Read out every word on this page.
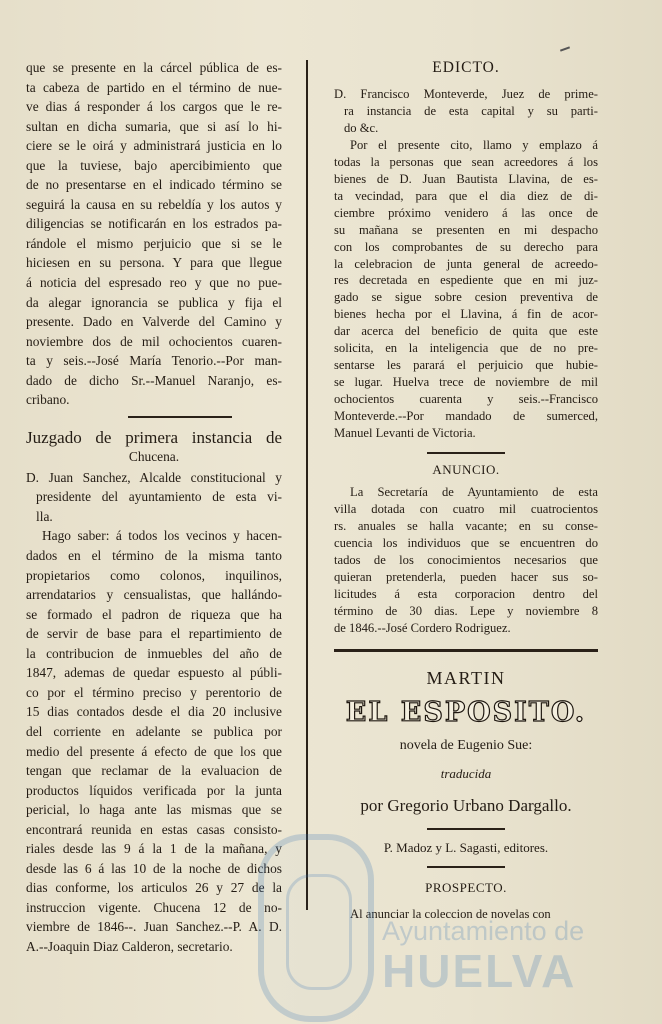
que se presente en la cárcel pública de es-
ta cabeza de partido en el término de nue-
ve dias á responder á los cargos que le re-
sultan en dicha sumaria, que si así lo hi-
ciere se le oirá y administrará justicia en lo
que la tuviese, bajo apercibimiento que
de no presentarse en el indicado término se
seguirá la causa en su rebeldía y los autos y
diligencias se notificarán en los estrados pa-
rándole el mismo perjuicio que si se le
hiciesen en su persona. Y para que llegue
á noticia del espresado reo y que no pue-
da alegar ignorancia se publica y fija el
presente. Dado en Valverde del Camino y
noviembre dos de mil ochocientos cuaren-
ta y seis.--José María Tenorio.--Por man-
dado de dicho Sr.--Manuel Naranjo, es-
cribano.
Juzgado de primera instancia de
Chucena.
D. Juan Sanchez, Alcalde constitucional y
presidente del ayuntamiento de esta vi-
lla.
Hago saber: á todos los vecinos y hacen-
dados en el término de la misma tanto
propietarios como colonos, inquilinos,
arrendatarios y censualistas, que hallándo-
se formado el padron de riqueza que ha
de servir de base para el repartimiento de
la contribucion de inmuebles del año de
1847, ademas de quedar espuesto al públi-
co por el término preciso y perentorio de
15 dias contados desde el dia 20 inclusive
del corriente en adelante se publica por
medio del presente á efecto de que los que
tengan que reclamar de la evaluacion de
productos líquidos verificada por la junta
pericial, lo haga ante las mismas que se
encontrará reunida en estas casas consisto-
riales desde las 9 á la 1 de la mañana, y
desde las 6 á las 10 de la noche de dichos
dias conforme, los articulos 26 y 27 de la
instruccion vigente. Chucena 12 de no-
viembre de 1846--. Juan Sanchez.--P. A. D.
A.--Joaquin Diaz Calderon, secretario.
EDICTO.
D. Francisco Monteverde, Juez de prime-
ra instancia de esta capital y su parti-
do &c.
Por el presente cito, llamo y emplazo á
todas la personas que sean acreedores á los
bienes de D. Juan Bautista Llavina, de es-
ta vecindad, para que el dia diez de di-
ciembre próximo venidero á las once de
su mañana se presenten en mi despacho
con los comprobantes de su derecho para
la celebracion de junta general de acreedo-
res decretada en espediente que en mi juz-
gado se sigue sobre cesion preventiva de
bienes hecha por el Llavina, á fin de acor-
dar acerca del beneficio de quita que este
solicita, en la inteligencia que de no pre-
sentarse les parará el perjuicio que hubie-
se lugar. Huelva trece de noviembre de mil
ochocientos cuarenta y seis.--Francisco
Monteverde.--Por mandado de sumerced,
Manuel Levanti de Victoria.
ANUNCIO.
La Secretaría de Ayuntamiento de esta
villa dotada con cuatro mil cuatrocientos
rs. anuales se halla vacante; en su conse-
cuencia los individuos que se encuentren do
tados de los conocimientos necesarios que
quieran pretenderla, pueden hacer sus so-
licitudes á esta corporacion dentro del
término de 30 dias. Lepe y noviembre 8
de 1846.--José Cordero Rodriguez.
MARTIN
EL ESPOSITO.
novela de Eugenio Sue:
traducida
por Gregorio Urbano Dargallo.
P. Madoz y L. Sagasti, editores.
PROSPECTO.
Al anunciar la coleccion de novelas con
Ayuntamiento de
HUELVA
